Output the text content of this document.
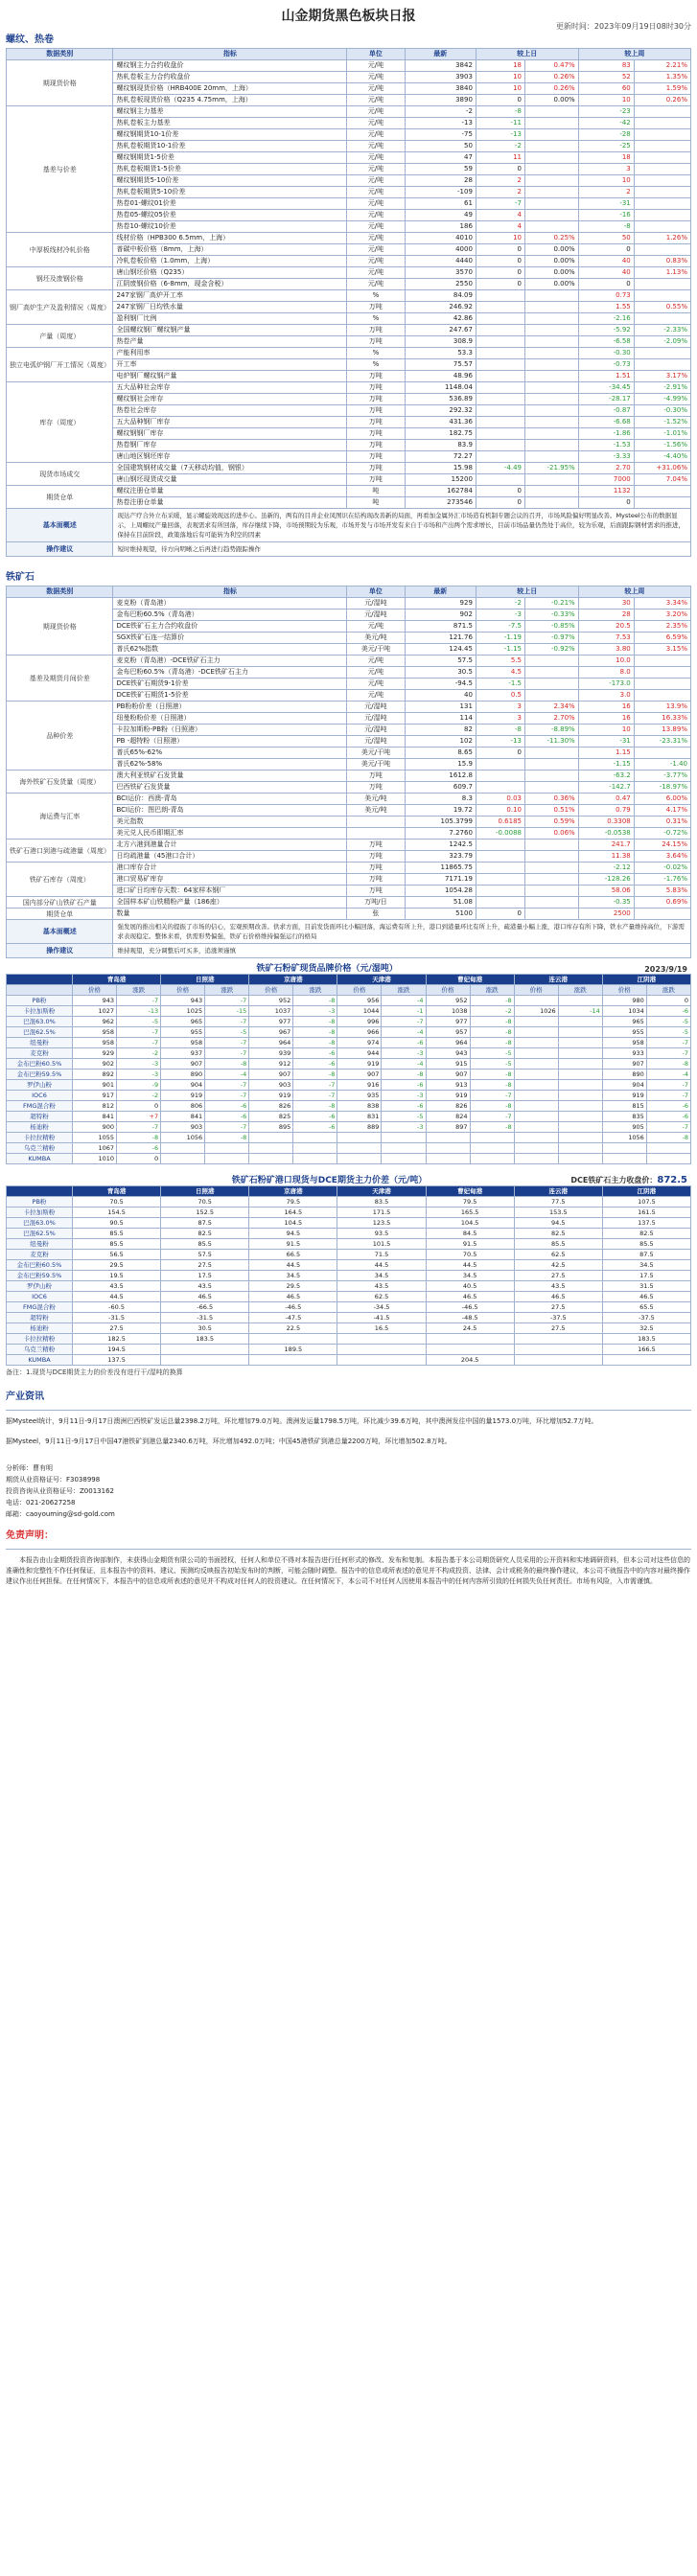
山金期货黑色板块日报
更新时间：2023年09月19日08时30分
螺纹、热卷
数据类别	指标	单位	最新	较上日		较上周	
期现货价格	螺纹钢主力合约收盘价	元/吨	3842	18	0.47%	83	2.21%
	热轧卷板主力合约收盘价	元/吨	3903	10	0.26%	52	1.35%
	螺纹钢现货价格（HRB400E 20mm，上海）	元/吨	3840	10	0.26%	60	1.59%
	热轧卷板现货价格（Q235 4.75mm，上海）	元/吨	3890	0	0.00%	10	0.26%
基差与价差	螺纹钢主力基差	元/吨	-2	-8		-23	
	热轧卷板主力基差	元/吨	-13	-11		-42	
	螺纹钢期货10-1价差	元/吨	-75	-13		-28	
	热轧卷板期货10-1价差	元/吨	50	-2		-25	
	螺纹钢期货1-5价差	元/吨	47	11		18	
	热轧卷板期货1-5价差	元/吨	59	0		3	
	螺纹钢期货5-10价差	元/吨	28	2		10	
	热轧卷板期货5-10价差	元/吨	-109	2		2	
	热卷01-螺纹01价差	元/吨	61	-7		-31	
	热卷05-螺纹05价差	元/吨	49	4		-16	
	热卷10-螺纹10价差	元/吨	186	4		-8	
中厚板线材冷轧价格	线材价格（HPB300 6.5mm，上海）	元/吨	4010	10	0.25%	50	1.26%
	普碳中板价格（8mm，上海）	元/吨	4000	0	0.00%	0	
	冷轧卷板价格（1.0mm，上海）	元/吨	4440	0	0.00%	40	0.83%
钢坯及废钢价格	唐山钢坯价格（Q235）	元/吨	3570	0	0.00%	40	1.13%
	江阴废钢价格（6-8mm，现金含税）	元/吨	2550	0	0.00%	0	
钢厂高炉生产及盈利情况（周度）	247家钢厂高炉开工率	%	84.09			0.73	
	247家钢厂日均铁水量	万吨	246.92			1.55	0.55%
	盈利钢厂比例	%	42.86			-2.16	
产量（周度）	全国螺纹钢厂螺纹钢产量	万吨	247.67			-5.92	-2.33%
	热卷产量	万吨	308.9			-6.58	-2.09%
独立电弧炉钢厂开工情况（周度）	产能利用率	%	53.3			-0.30	
	开工率	%	75.57			-0.73	
	电炉钢厂螺纹钢产量	万吨	48.96			1.51	3.17%
库存（周度）	五大品种社会库存	万吨	1148.04			-34.45	-2.91%
	螺纹钢社会库存	万吨	536.89			-28.17	-4.99%
	热卷社会库存	万吨	292.32			-0.87	-0.30%
	五大品种钢厂库存	万吨	431.36			-6.68	-1.52%
	螺纹钢钢厂库存	万吨	182.75			-1.86	-1.01%
	热卷钢厂库存	万吨	83.9			-1.53	-1.56%
	唐山地区钢坯库存	万吨	72.27			-3.33	-4.40%
现货市场成交	全国建筑钢材成交量（7天移动均值，钢银）	万吨	15.98	-4.49	-21.95%	2.70	+31.06%
	唐山钢坯现货成交量	万吨	15200			7000	7.04%
期货仓单	螺纹注册仓单量	吨	162784	0		1132	
	热卷注册仓单量	吨	273546	0		0	
基本面概述	现达产疗合外立布采暖，显示螺旋效现远的进步心。虽新的，两有的目并企业凤图识在结构现改善新的局面，再看加金属外汇市场造有机制专题会议的召开，市场风险偏好明显改善。Mysteel公布的数据显示，上周螺纹产量回落，表观需求有所回落，库存继续下降，市场预期较为乐观，市场开发与市场开发有来自于市场和产出两个需求增长，目前市场品量仍然处于高位，较为乐观，后面跟踪钢材需求的推进，保持在目前阶段，政策落地后有可能转为利空的因素						
操作建议	短时维持观望，待方向明晰之后再进行趋势跟踪操作						
铁矿石
数据类别	指标	单位	最新	较上日		较上周	
期现货价格	麦克粉（青岛港）	元/湿吨	929	-2	-0.21%	30	3.34%
	金布巴粉60.5%（青岛港）	元/湿吨	902	-3	-0.33%	28	3.20%
	DCE铁矿石主力合约收盘价	元/吨	871.5	-7.5	-0.85%	20.5	2.35%
	SGX铁矿石连一结算价	美元/吨	121.76	-1.19	-0.97%	7.53	6.59%
	普氏62%指数	美元/干吨	124.45	-1.15	-0.92%	3.80	3.15%
基差及期货月间价差	麦克粉（青岛港）-DCE铁矿石主力	元/吨	57.5	5.5		10.0	
	金布巴粉60.5%（青岛港）-DCE铁矿石主力	元/吨	30.5	4.5		8.0	
	DCE铁矿石期货9-1价差	元/吨	-94.5	-1.5		-173.0	
	DCE铁矿石期货1-5价差	元/吨	40	0.5		3.0	
品种价差	PB粉粉价差（日照港）	元/湿吨	131	3	2.34%	16	13.9%
	纽曼粉粉价差（日照港）	元/湿吨	114	3	2.70%	16	16.33%
	卡拉加斯粉-PB粉（日照港）	元/湿吨	82	-8	-8.89%	10	13.89%
	PB -超特粉（日照港）	元/湿吨	102	-13	-11.30%	-31	-23.31%
	普氏65%-62%	美元/干吨	8.65	0		1.15	
	普氏62%-58%	美元/干吨	15.9			-1.15	-1.40
海外铁矿石发货量（周度）	澳大利亚铁矿石发货量	万吨	1612.8			-63.2	-3.77%
	巴西铁矿石发货量	万吨	609.7			-142.7	-18.97%
海运费与汇率	BCI运价：西澳-青岛	美元/吨	8.3	0.03	0.36%	0.47	6.00%
	BCI运价：图巴朗-青岛	美元/吨	19.72	0.10	0.51%	0.79	4.17%
	美元指数		105.3799	0.6185	0.59%	0.3308	0.31%
	美元兑人民币即期汇率		7.2760	-0.0088	0.06%	-0.0538	-0.72%
铁矿石港口到港与疏港量（周度）	北方六港到港量合计	万吨	1242.5			241.7	24.15%
	日均疏港量（45港口合计）	万吨	323.79			11.38	3.64%
铁矿石库存（周度）	港口库存合计	万吨	11865.75			-2.12	-0.02%
	港口贸易矿库存	万吨	7171.19			-128.26	-1.76%
	进口矿日均库存天数：64家样本钢厂	万吨	1054.28			58.06	5.83%
国内部分矿山铁矿石产量	全国样本矿山铁精粉产量（186座）	万吨/日	51.08			-0.35	0.69%
期货仓单	数量	张	5100	0		2500	
基本面概述	强发展的推出相关的提振了市场的信心，宏观预期改善。供求方面，目前发货面环比小幅回落，海运费有所上升，港口到港量环比有所上升，疏港量小幅上涨，港口库存有所下降，铁水产量维持高位，下游需求表现稳定。整体来看，供需形势偏强，铁矿石价格维持偏强运行的格局						
操作建议	维持观望，充分调整后可买多，追涨须谨慎						
铁矿石粉矿现货品牌价格（元/湿吨）	2023/9/19
	青岛港		日照港		京唐港		天津港		曹妃甸港		连云港		江阴港	
	价格	涨跌	价格	涨跌	价格	涨跌	价格	涨跌	价格	涨跌	价格	涨跌	价格	涨跌
PB粉	943	-7	943	-7	952	-8	956	-4	952	-8			980	0
卡拉加斯粉	1027	-13	1025	-15	1037	-3	1044	-1	1038	-2	1026	-14	1034	-6
巴混63.0%	962	-5	965	-7	977	-8	996	-7	977	-8			965	-5
巴混62.5%	958	-7	955	-5	967	-8	966	-4	957	-8			955	-5
纽曼粉	958	-7	958	-7	964	-8	974	-6	964	-8			958	-7
麦克粉	929	-2	937	-7	939	-6	944	-3	943	-5			933	-7
金布巴粉60.5%	902	-3	907	-8	912	-6	919	-4	915	-5			907	-8
金布巴粉59.5%	892	-3	890	-4	907	-8	907	-8	907	-8			890	-4
罗伊山粉	901	-9	904	-7	903	-7	916	-6	913	-8			904	-7
IOC6	917	-2	919	-7	919	-7	935	-3	919	-7			919	-7
FMG混合粉	812	0	806	-6	826	-8	838	-6	826	-8			815	-6
超特粉	841	+7	841	-6	825	-6	831	-5	824	-7			835	-6
杨迪粉	900	-7	903	-7	895	-6	889	-3	897	-8			905	-7
卡拉拉精粉	1055	-8	1056	-8									1056	-8
乌克兰精粉	1067	-6												
KUMBA	1010	0												
铁矿石粉矿港口现货与DCE期货主力价差（元/吨）	DCE铁矿石主力收盘价：872.5
	青岛港	日照港	京唐港	天津港	曹妃甸港	连云港	江阴港
PB粉	70.5	70.5	79.5	83.5	79.5	77.5	107.5
卡拉加斯粉	154.5	152.5	164.5	171.5	165.5	153.5	161.5
巴混63.0%	90.5	87.5	104.5	123.5	104.5	94.5	137.5
巴混62.5%	85.5	82.5	94.5	93.5	84.5	82.5	82.5
纽曼粉	85.5	85.5	91.5	101.5	91.5	85.5	85.5
麦克粉	56.5	57.5	66.5	71.5	70.5	62.5	87.5
金布巴粉60.5%	29.5	27.5	44.5	44.5	44.5	42.5	34.5
金布巴粉59.5%	19.5	17.5	34.5	34.5	34.5	27.5	17.5
罗伊山粉	43.5	43.5	29.5	43.5	40.5	43.5	31.5
IOC6	44.5	46.5	46.5	62.5	46.5	46.5	46.5
FMG混合粉	-60.5	-66.5	-46.5	-34.5	-46.5	27.5	65.5
超特粉	-31.5	-31.5	-47.5	-41.5	-48.5	-37.5	-37.5
杨迪粉	27.5	30.5	22.5	16.5	24.5	27.5	32.5
卡拉拉精粉	182.5	183.5					183.5
乌克兰精粉	194.5		189.5				166.5
KUMBA	137.5				204.5		
备注：1.现货与DCE期货主力的价差没有进行干/湿吨的换算
产业资讯

据Mysteel统计，9月11日-9月17日澳洲巴西铁矿发运总量2398.2万吨，环比增加79.0万吨。澳洲发运量1798.5万吨，环比减少39.6万吨，其中澳洲发往中国的量1573.0万吨，环比增加52.7万吨。

据Mysteel，9月11日-9月17日中国47港铁矿到港总量2340.6万吨，环比增加492.0万吨；中国45港铁矿到港总量2200万吨，环比增加502.8万吨。

分析师：曹有明

期货从业资格证号：F3038998

投资咨询从业资格证号：Z0013162

电话：021-20627258

邮箱：caoyouming@sd-gold.com

免责声明：

本报告由山金期货投资咨询部制作，未获得山金期货有限公司的书面授权，任何人和单位不得对本报告进行任何形式的修改、发布和复制。本报告基于本公司期货研究人员采用的公开资料和实地调研资料，但本公司对这些信息的准确性和完整性不作任何保证，且本报告中的资料、建议、预测均反映报告初始发布时的判断，可能会随时调整。报告中的信息或所表述的意见并不构成投资、法律、会计或税务的最终操作建议，本公司不就报告中的内容对最终操作建议作出任何担保。在任何情况下，本报告中的信息或所表述的意见并不构成对任何人的投资建议。在任何情况下，本公司不对任何人因使用本报告中的任何内容所引致的任何损失负任何责任。市场有风险，入市需谨慎。
